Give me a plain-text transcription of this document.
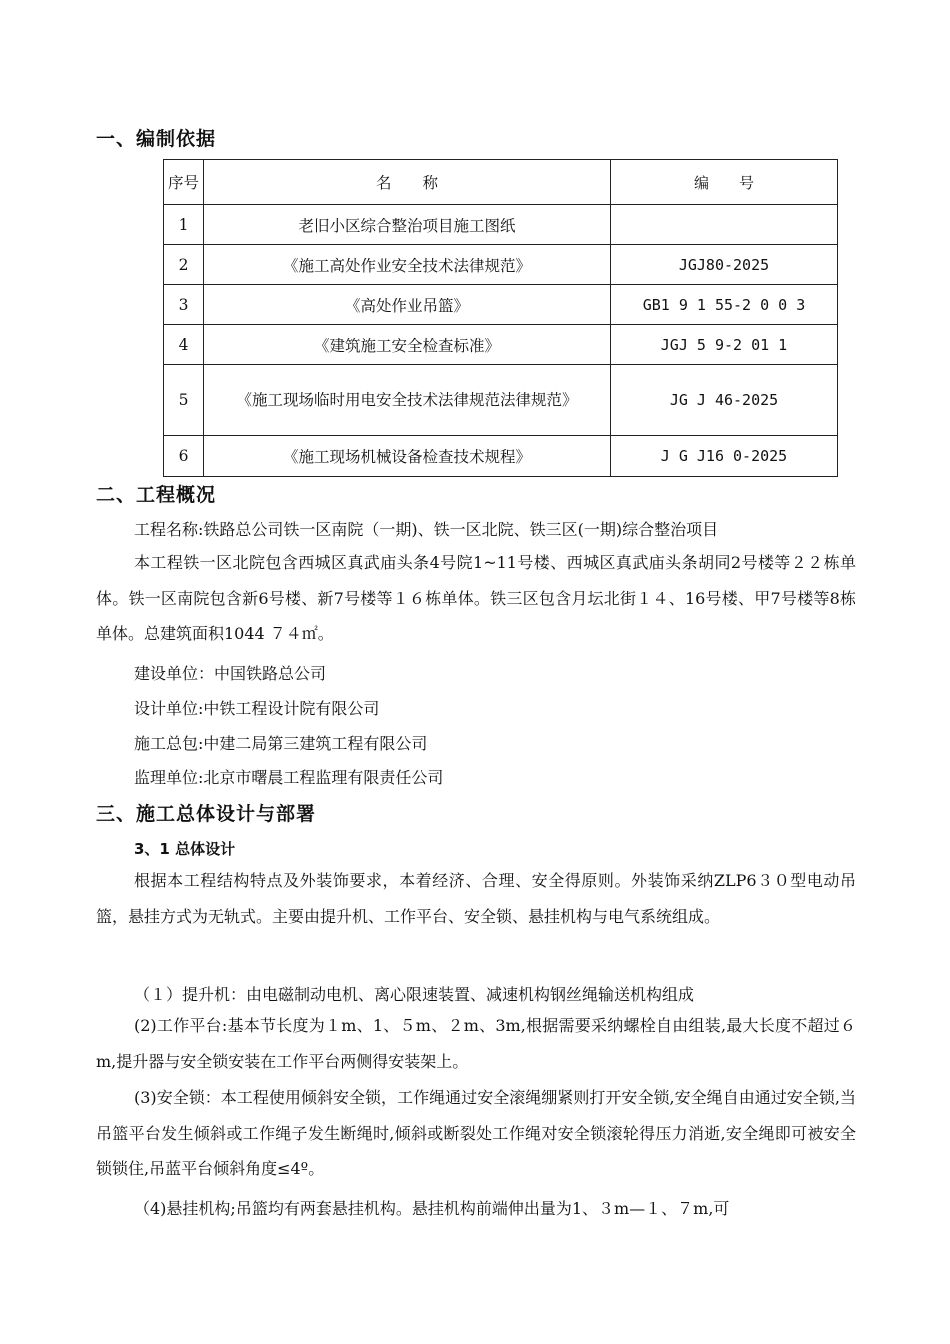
一、编制依据
序号	名　　称	编　　号
1	老旧小区综合整治项目施工图纸	
2	《施工高处作业安全技术法律规范》	JGJ80-2025
3	《高处作业吊篮》	GB1 9 1 55-2 0 0 3
4	《建筑施工安全检查标准》	JGJ 5 9-2 01 1
5	《施工现场临时用电安全技术法律规范法律规范》	JG J 46-2025
6	《施工现场机械设备检查技术规程》	J G J16 0-2025
二、工程概况
工程名称:铁路总公司铁一区南院（一期)、铁一区北院、铁三区(一期)综合整治项目

本工程铁一区北院包含西城区真武庙头条4号院1~11号楼、西城区真武庙头条胡同2号楼等２２栋单体。铁一区南院包含新6号楼、新7号楼等１６栋单体。铁三区包含月坛北街１４、16号楼、甲7号楼等8栋单体。总建筑面积1044 ７４㎡。

建设单位：中国铁路总公司
设计单位:中铁工程设计院有限公司
施工总包:中建二局第三建筑工程有限公司
监理单位:北京市曙晨工程监理有限责任公司
三、施工总体设计与部署
3、1 总体设计

根据本工程结构特点及外装饰要求，本着经济、合理、安全得原则。外装饰采纳ZLP6３０型电动吊篮，悬挂方式为无轨式。主要由提升机、工作平台、安全锁、悬挂机构与电气系统组成。

（１）提升机：由电磁制动电机、离心限速装置、减速机构钢丝绳输送机构组成

(2)工作平台:基本节长度为１m、1、５m、２m、3m,根据需要采纳螺栓自由组装,最大长度不超过６m,提升器与安全锁安装在工作平台两侧得安装架上。

(3)安全锁：本工程使用倾斜安全锁，工作绳通过安全滚绳绷紧则打开安全锁,安全绳自由通过安全锁,当吊篮平台发生倾斜或工作绳子发生断绳时,倾斜或断裂处工作绳对安全锁滚轮得压力消逝,安全绳即可被安全锁锁住,吊蓝平台倾斜角度≤4º。

（4)悬挂机构;吊篮均有两套悬挂机构。悬挂机构前端伸出量为1、３m—１、７m,可
